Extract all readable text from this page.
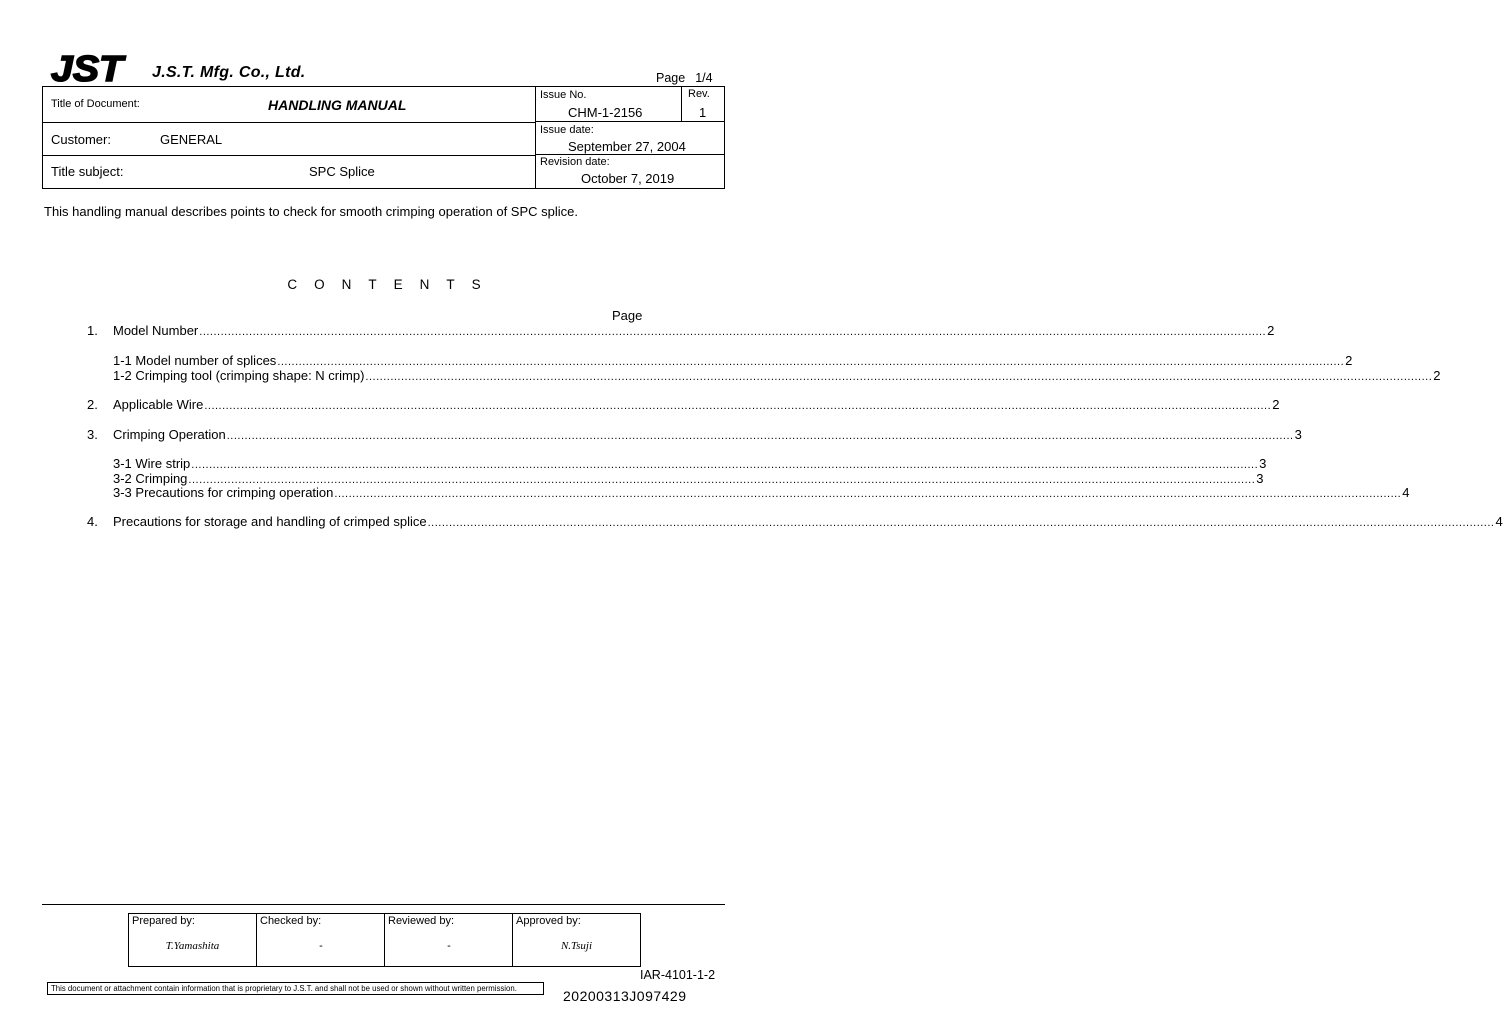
JST J.S.T. Mfg. Co., Ltd.	Page 1/4
Title of Document:	HANDLING MANUAL
Customer:	GENERAL
Title subject:	SPC Splice
Issue No.
CHM-1-2156
Rev.
1
Issue date:
September 27, 2004
Revision date:
October 7, 2019
This handling manual describes points to check for smooth crimping operation of SPC splice.
CONTENTS
Page
1. Model Number ............................................................................................................................................................................................................................................................................................................ 2
1-1 Model number of splices ............................................................................................................................................................................................................................................................................................................ 2
1-2 Crimping tool (crimping shape: N crimp) ............................................................................................................................................................................................................................................................................................................ 2
2. Applicable Wire ............................................................................................................................................................................................................................................................................................................ 2
3. Crimping Operation ............................................................................................................................................................................................................................................................................................................ 3
3-1 Wire strip ............................................................................................................................................................................................................................................................................................................ 3
3-2 Crimping ............................................................................................................................................................................................................................................................................................................ 3
3-3 Precautions for crimping operation ............................................................................................................................................................................................................................................................................................................ 4
4. Precautions for storage and handling of crimped splice ............................................................................................................................................................................................................................................................................................................ 4
Prepared by:
T.Yamashita
Checked by:
-
Reviewed by:
-
Approved by:
N.Tsuji
IAR-4101-1-2
This document or attachment contain information that is proprietary to J.S.T. and shall not be used or shown without written permission.	20200313J097429
